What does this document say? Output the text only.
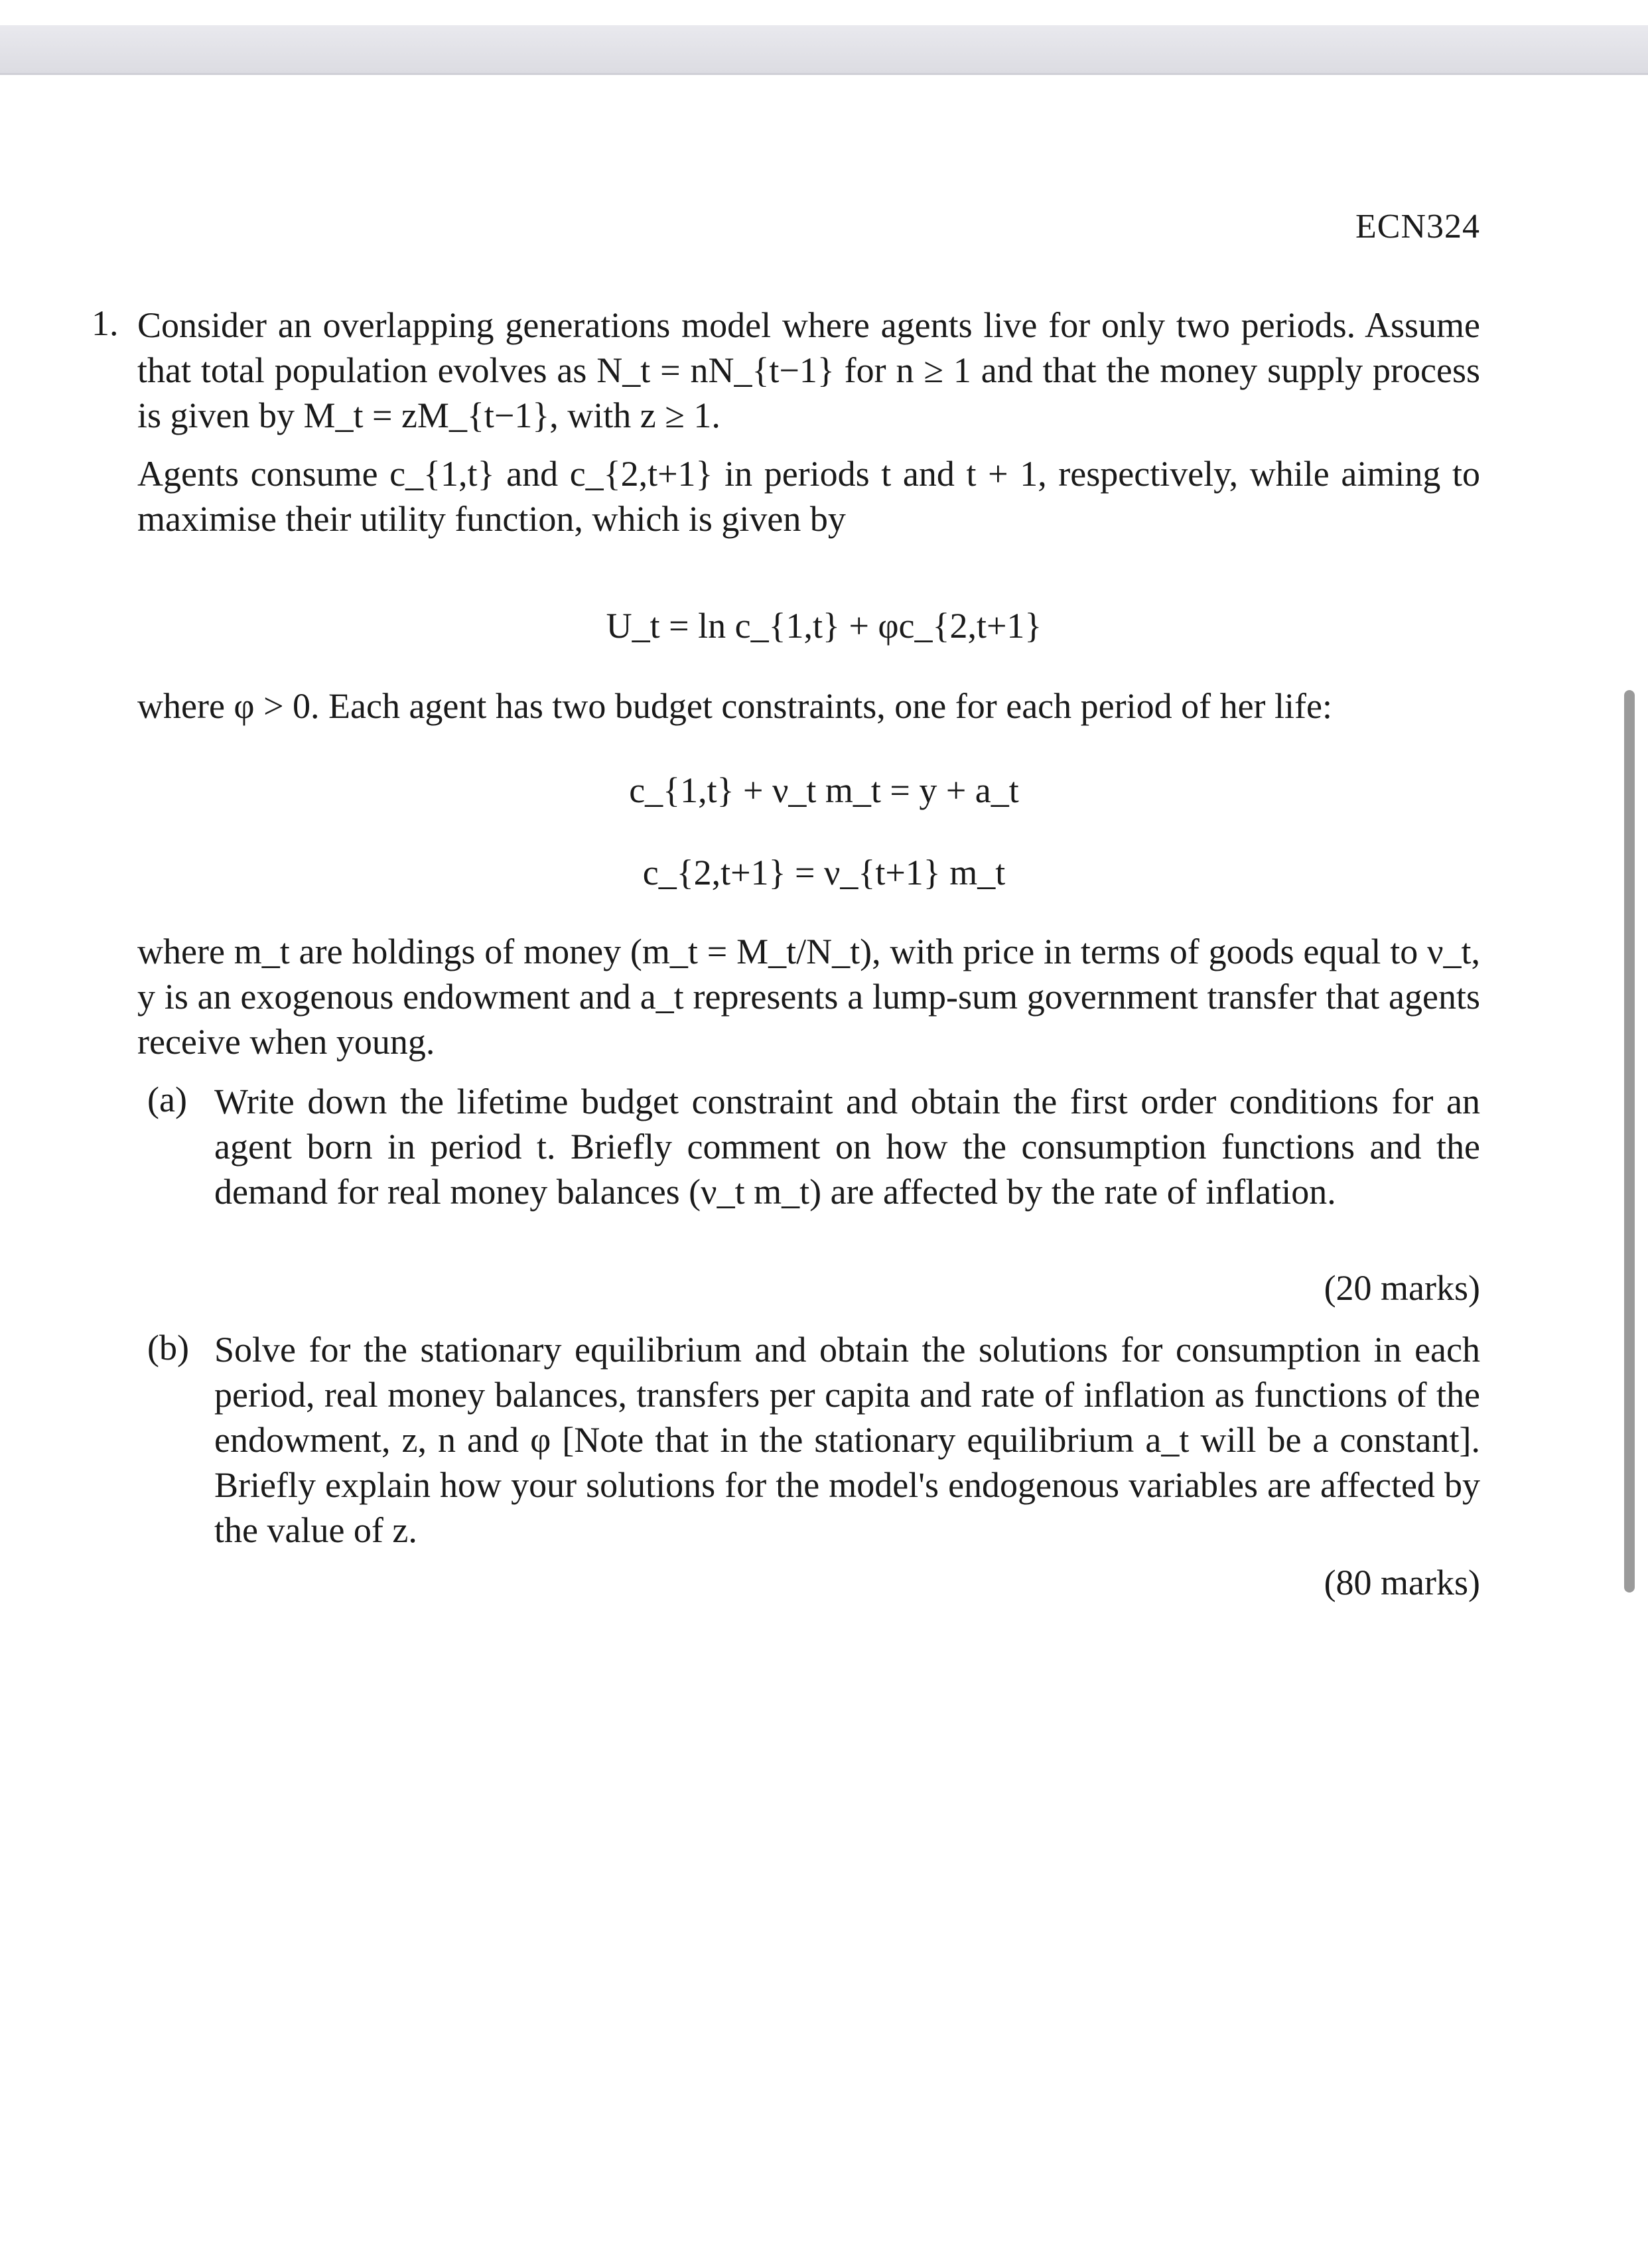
ECN324
1. Consider an overlapping generations model where agents live for only two periods. Assume that total population evolves as N_t = nN_{t−1} for n ≥ 1 and that the money supply process is given by M_t = zM_{t−1}, with z ≥ 1.
Agents consume c_{1,t} and c_{2,t+1} in periods t and t + 1, respectively, while aiming to maximise their utility function, which is given by
U_t = ln c_{1,t} + φc_{2,t+1}
where φ > 0. Each agent has two budget constraints, one for each period of her life:
c_{1,t} + ν_t m_t = y + a_t
c_{2,t+1} = ν_{t+1} m_t
where m_t are holdings of money (m_t = M_t/N_t), with price in terms of goods equal to ν_t, y is an exogenous endowment and a_t represents a lump-sum government transfer that agents receive when young.
(a) Write down the lifetime budget constraint and obtain the first order conditions for an agent born in period t. Briefly comment on how the consumption functions and the demand for real money balances (ν_t m_t) are affected by the rate of inflation.
(20 marks)
(b) Solve for the stationary equilibrium and obtain the solutions for consumption in each period, real money balances, transfers per capita and rate of inflation as functions of the endowment, z, n and φ [Note that in the stationary equilibrium a_t will be a constant]. Briefly explain how your solutions for the model's endogenous variables are affected by the value of z.
(80 marks)
